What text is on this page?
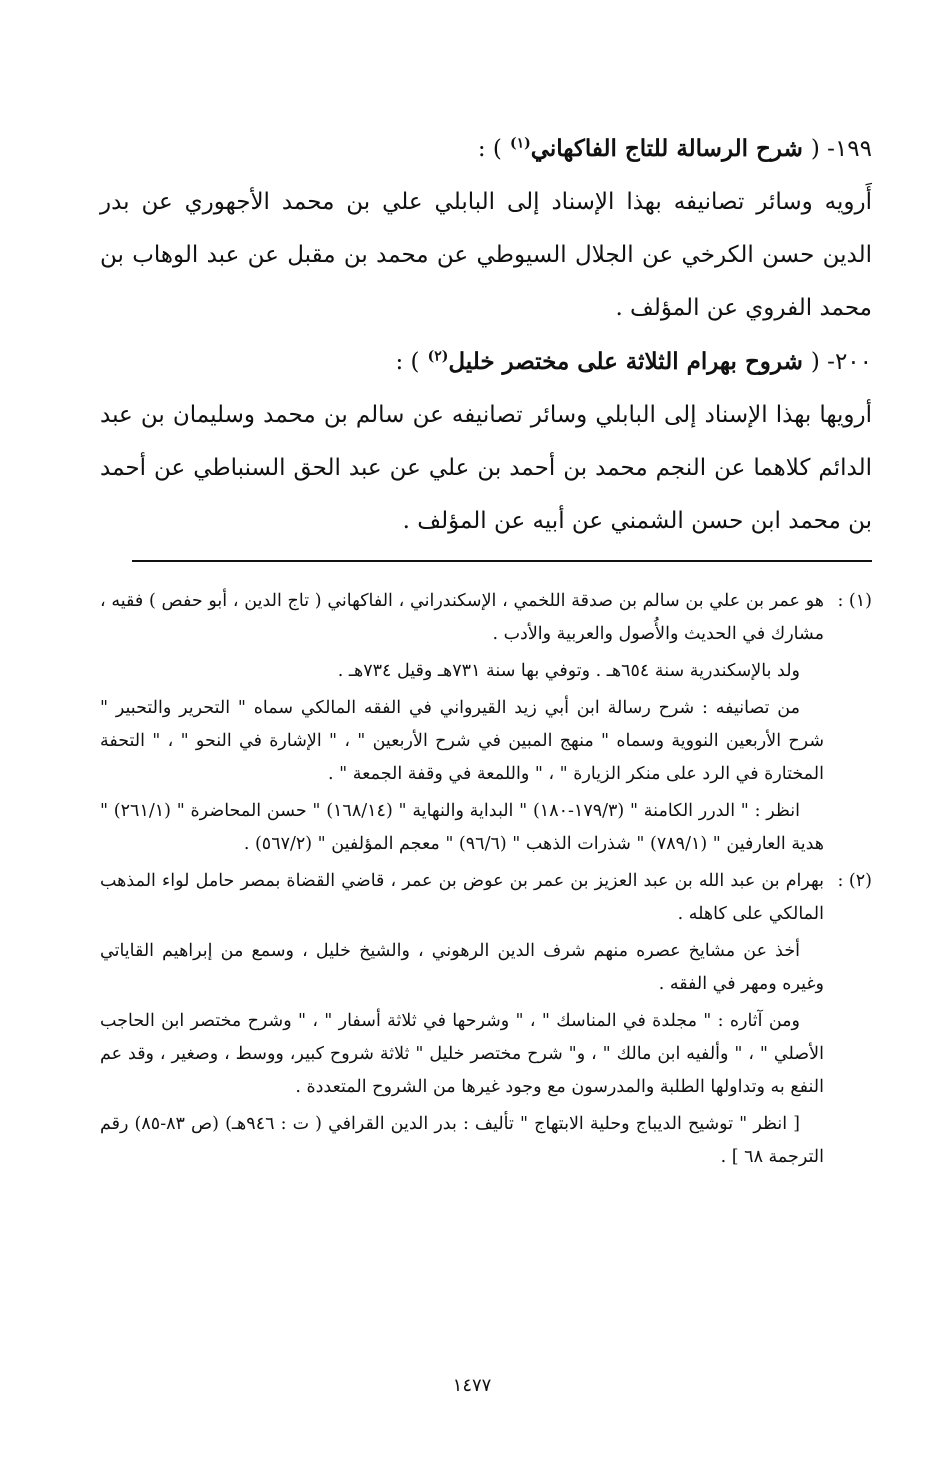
١٩٩- ( شرح الرسالة للتاج الفاكهاني$^{(١)}$ ) :

أَرويه وسائر تصانيفه بهذا الإسناد إلى البابلي علي بن محمد الأجهوري عن بدر الدين حسن الكرخي عن الجلال السيوطي عن محمد بن مقبل عن عبد الوهاب بن محمد الفروي عن المؤلف .

٢٠٠- ( شروح بهرام الثلاثة على مختصر خليل$^{(٢)}$ ) :

أرويها بهذا الإسناد إلى البابلي وسائر تصانيفه عن سالم بن محمد وسليمان بن عبد الدائم كلاهما عن النجم محمد بن أحمد بن علي عن عبد الحق السنباطي عن أحمد بن محمد ابن حسن الشمني عن أبيه عن المؤلف .

(١) :

هو عمر بن علي بن سالم بن صدقة اللخمي ، الإسكندراني ، الفاكهاني ( تاج الدين ، أبو حفص ) فقيه ، مشارك في الحديث والأُصول والعربية والأدب .

ولد بالإسكندرية سنة ٦٥٤هـ . وتوفي بها سنة ٧٣١هـ وقيل ٧٣٤هـ .

من تصانيفه : شرح رسالة ابن أبي زيد القيرواني في الفقه المالكي سماه " التحرير والتحبير " شرح الأربعين النووية وسماه " منهج المبين في شرح الأربعين " ، " الإشارة في النحو " ، " التحفة المختارة في الرد على منكر الزيارة " ، " واللمعة في وقفة الجمعة " .

انظر : " الدرر الكامنة " (١٧٩/٣-١٨٠) " البداية والنهاية " (١٦٨/١٤) " حسن المحاضرة " (٢٦١/١) " هدية العارفين " (٧٨٩/١) " شذرات الذهب " (٩٦/٦) " معجم المؤلفين " (٥٦٧/٢) .

(٢) :

بهرام بن عبد الله بن عبد العزيز بن عمر بن عوض بن عمر ، قاضي القضاة بمصر حامل لواء المذهب المالكي على كاهله .

أخذ عن مشايخ عصره منهم شرف الدين الرهوني ، والشيخ خليل ، وسمع من إبراهيم القاياتي وغيره ومهر في الفقه .

ومن آثاره : " مجلدة في المناسك " ، " وشرحها في ثلاثة أسفار " ، " وشرح مختصر ابن الحاجب الأصلي " ، " وألفيه ابن مالك " ، و" شرح مختصر خليل " ثلاثة شروح كبير، ووسط ، وصغير ، وقد عم النفع به وتداولها الطلبة والمدرسون مع وجود غيرها من الشروح المتعددة .

[ انظر " توشيح الديباج وحلية الابتهاج " تأليف : بدر الدين القرافي ( ت : ٩٤٦هـ) (ص ٨٣-٨٥) رقم الترجمة ٦٨ ] .

١٤٧٧
